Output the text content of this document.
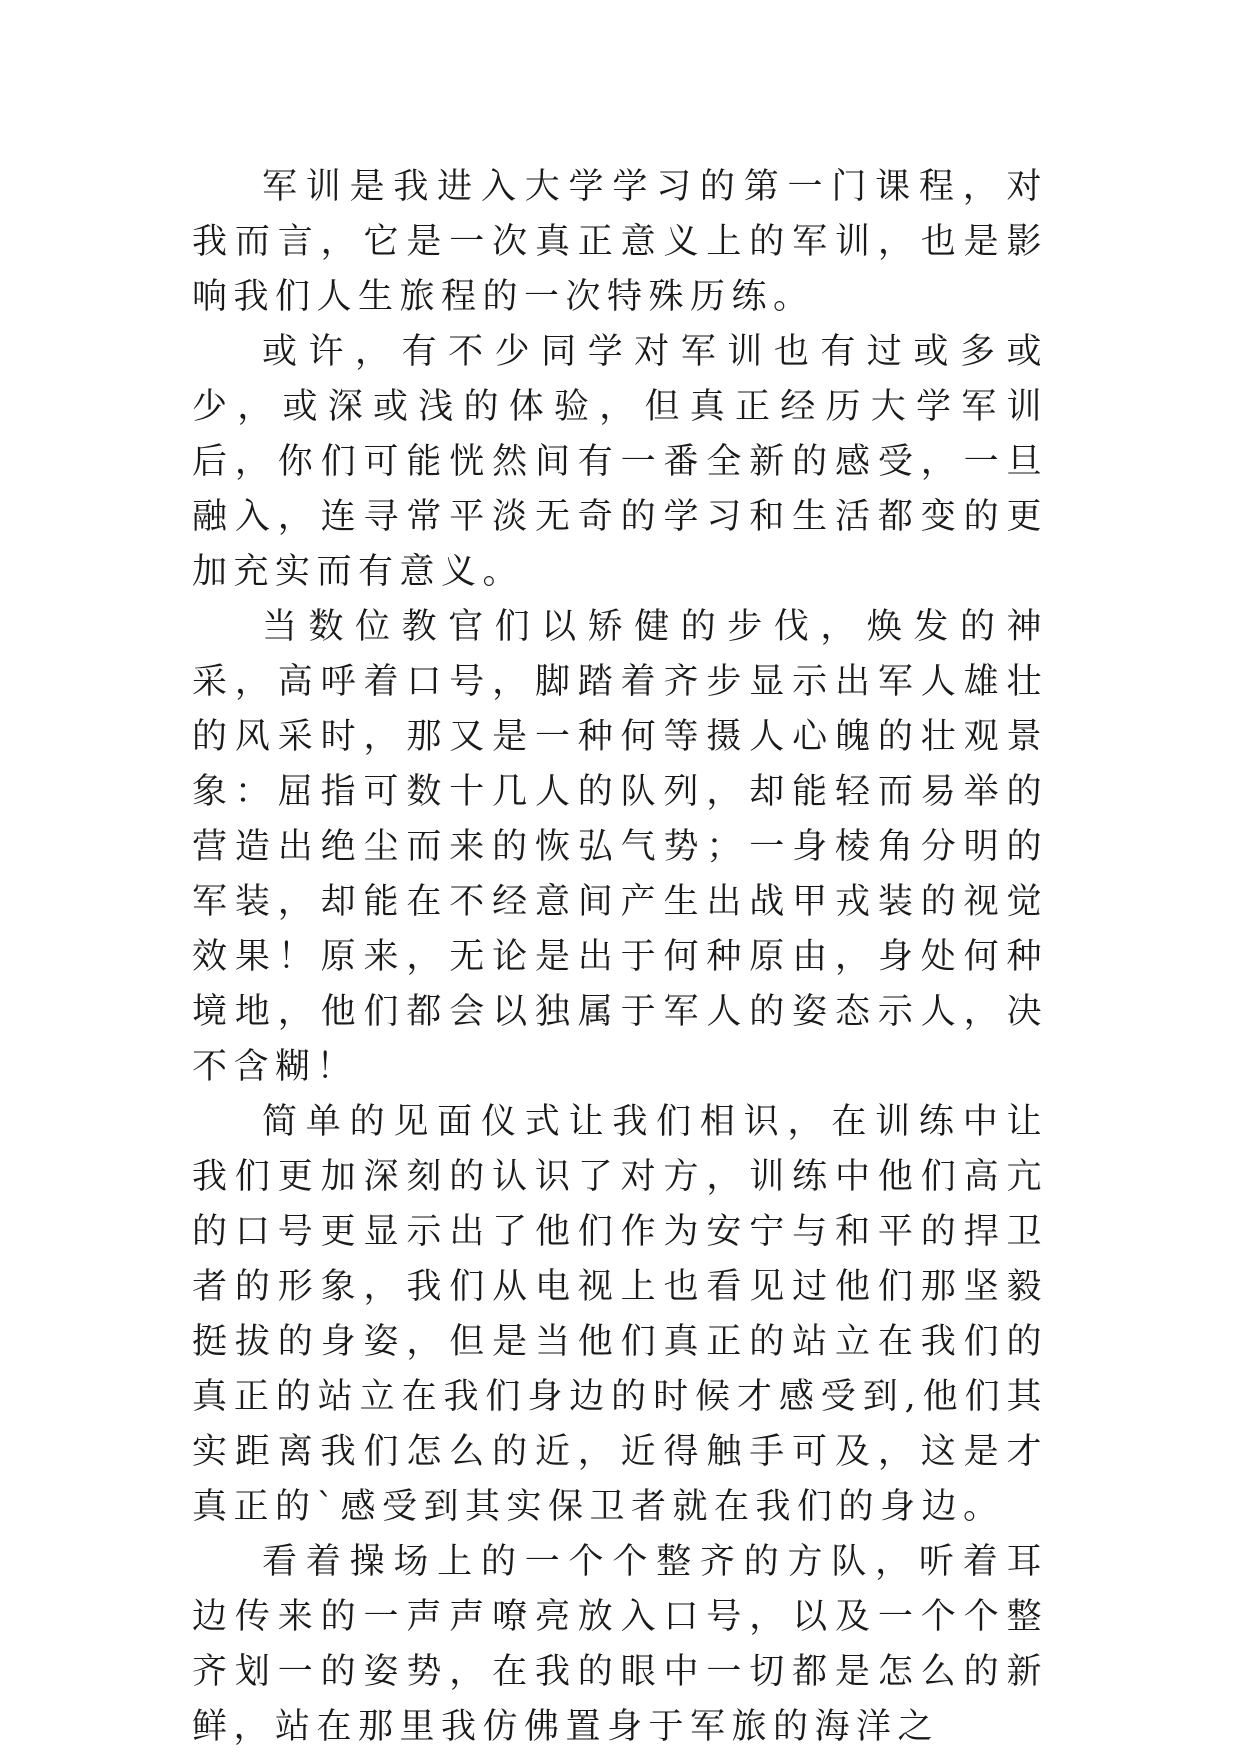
军训是我进入大学学习的第一门课程，对我而言，它是一次真正意义上的军训，也是影响我们人生旅程的一次特殊历练。

或许，有不少同学对军训也有过或多或少，或深或浅的体验，但真正经历大学军训后，你们可能恍然间有一番全新的感受，一旦融入，连寻常平淡无奇的学习和生活都变的更加充实而有意义。

当数位教官们以矫健的步伐，焕发的神采，高呼着口号，脚踏着齐步显示出军人雄壮的风采时，那又是一种何等摄人心魄的壮观景象：屈指可数十几人的队列，却能轻而易举的营造出绝尘而来的恢弘气势；一身棱角分明的军装，却能在不经意间产生出战甲戎装的视觉效果！原来，无论是出于何种原由，身处何种境地，他们都会以独属于军人的姿态示人，决不含糊！

简单的见面仪式让我们相识，在训练中让我们更加深刻的认识了对方，训练中他们高亢的口号更显示出了他们作为安宁与和平的捍卫者的形象，我们从电视上也看见过他们那坚毅挺拔的身姿，但是当他们真正的站立在我们的真正的站立在我们身边的时候才感受到,他们其实距离我们怎么的近，近得触手可及，这是才真正的`感受到其实保卫者就在我们的身边。

看着操场上的一个个整齐的方队，听着耳边传来的一声声嘹亮放入口号，以及一个个整齐划一的姿势，在我的眼中一切都是怎么的新鲜，站在那里我仿佛置身于军旅的海洋之
